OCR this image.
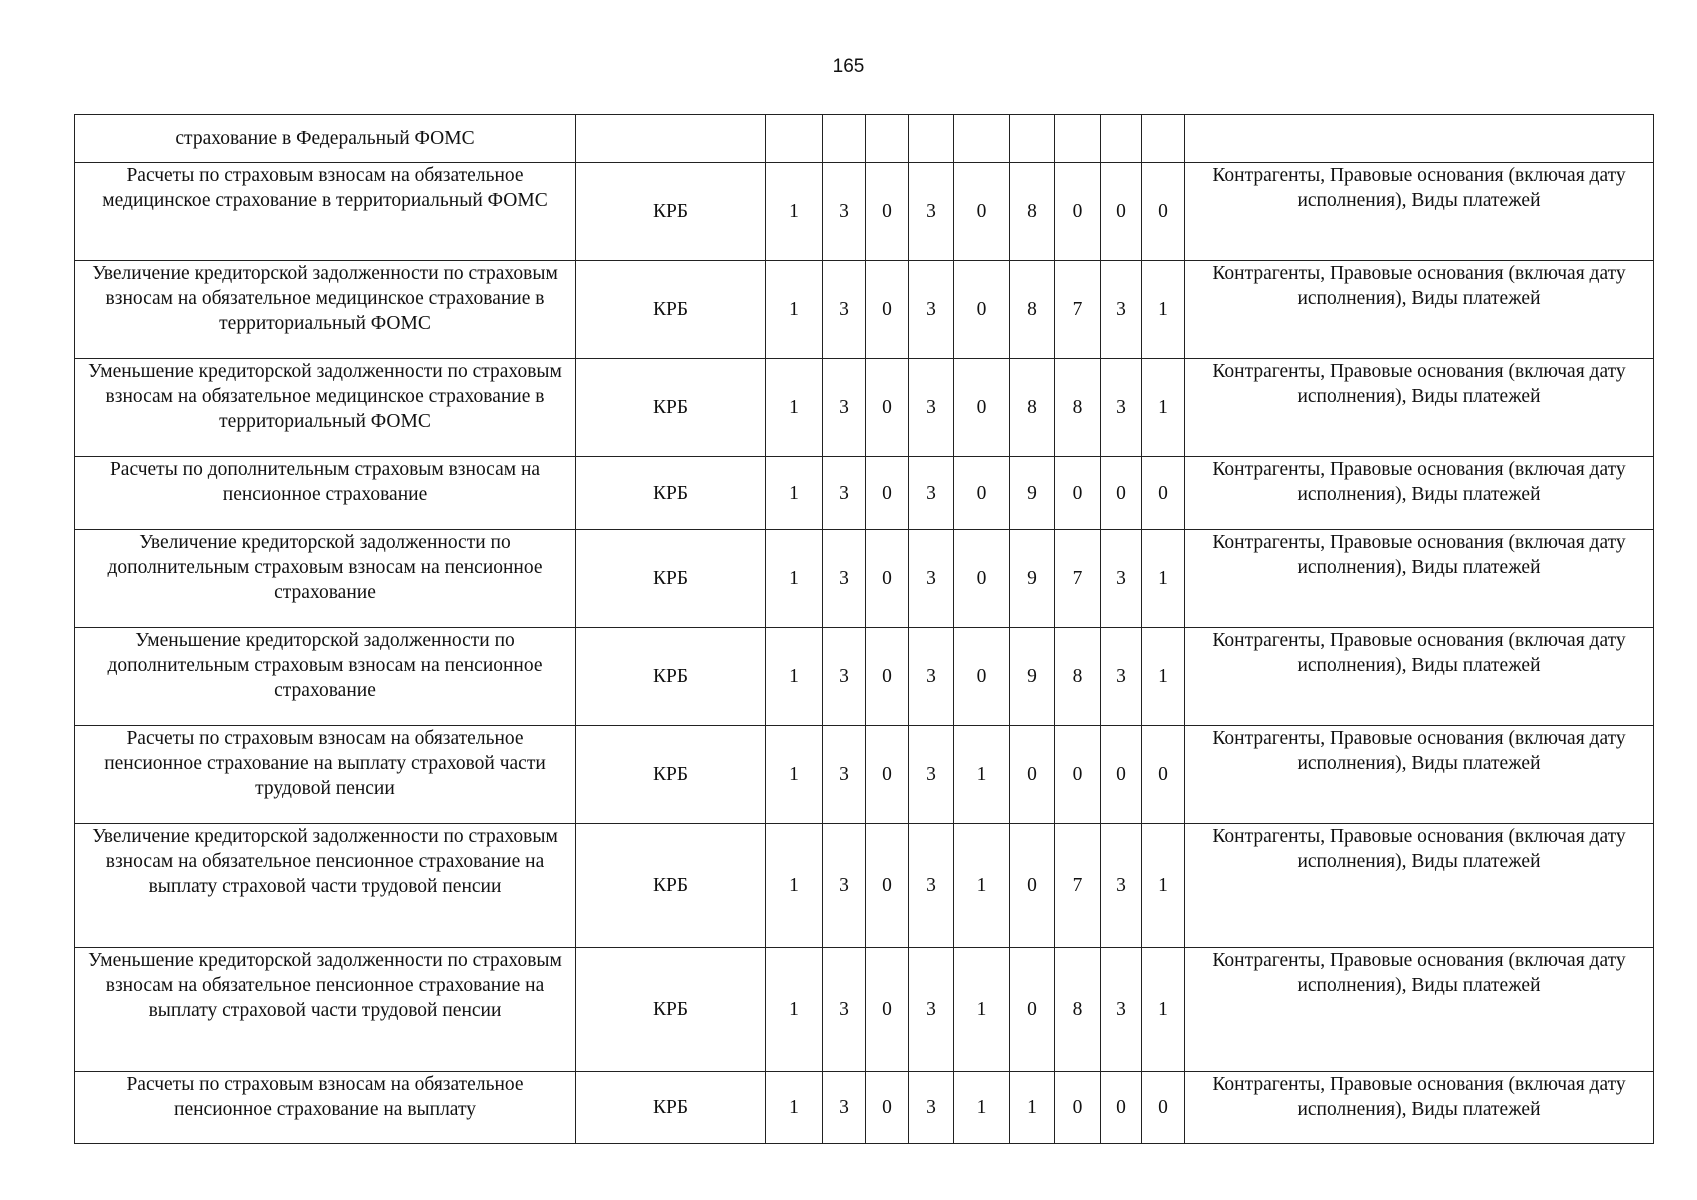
165
страхование в Федеральный ФОМС											
Расчеты по страховым взносам на обязательное медицинское страхование в территориальный ФОМС	КРБ	1	3	0	3	0	8	0	0	0	Контрагенты, Правовые основания (включая дату исполнения), Виды платежей
Увеличение кредиторской задолженности по страховым взносам на обязательное медицинское страхование в территориальный ФОМС	КРБ	1	3	0	3	0	8	7	3	1	Контрагенты, Правовые основания (включая дату исполнения), Виды платежей
Уменьшение кредиторской задолженности по страховым взносам на обязательное медицинское страхование в территориальный ФОМС	КРБ	1	3	0	3	0	8	8	3	1	Контрагенты, Правовые основания (включая дату исполнения), Виды платежей
Расчеты по дополнительным страховым взносам на пенсионное страхование	КРБ	1	3	0	3	0	9	0	0	0	Контрагенты, Правовые основания (включая дату исполнения), Виды платежей
Увеличение кредиторской задолженности по дополнительным страховым взносам на пенсионное страхование	КРБ	1	3	0	3	0	9	7	3	1	Контрагенты, Правовые основания (включая дату исполнения), Виды платежей
Уменьшение кредиторской задолженности по дополнительным страховым взносам на пенсионное страхование	КРБ	1	3	0	3	0	9	8	3	1	Контрагенты, Правовые основания (включая дату исполнения), Виды платежей
Расчеты по страховым взносам на обязательное пенсионное страхование на выплату страховой части трудовой пенсии	КРБ	1	3	0	3	1	0	0	0	0	Контрагенты, Правовые основания (включая дату исполнения), Виды платежей
Увеличение кредиторской задолженности по страховым взносам на обязательное пенсионное страхование на выплату страховой части трудовой пенсии	КРБ	1	3	0	3	1	0	7	3	1	Контрагенты, Правовые основания (включая дату исполнения), Виды платежей
Уменьшение кредиторской задолженности по страховым взносам на обязательное пенсионное страхование на выплату страховой части трудовой пенсии	КРБ	1	3	0	3	1	0	8	3	1	Контрагенты, Правовые основания (включая дату исполнения), Виды платежей
Расчеты по страховым взносам на обязательное пенсионное страхование на выплату	КРБ	1	3	0	3	1	1	0	0	0	Контрагенты, Правовые основания (включая дату исполнения), Виды платежей
